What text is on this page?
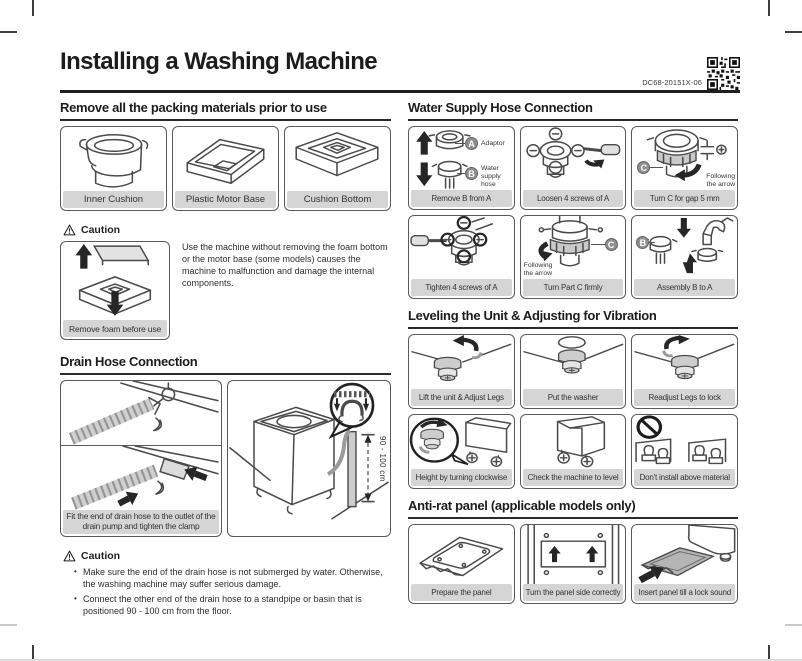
Installing a Washing Machine
DC68-20151X-06
Remove all the packing materials prior to use
Inner Cushion	Plastic Motor Base	Cushion Bottom
Caution
Remove foam before use

Use the machine without removing the foam bottom or the motor base (some models) causes the machine to malfunction and damage the internal components.

Drain Hose Connection
Fit the end of drain hose to the outlet of the drain pump and tighten the clamp
90 - 100 cm
Caution
• Make sure the end of the drain hose is not submerged by water. Otherwise, the washing machine may suffer serious damage.
• Connect the other end of the drain hose to a standpipe or basin that is positioned 90 - 100 cm from the floor.
Water Supply Hose Connection
A Adaptor
B Water supply hose
Remove B from A	Loosen 4 screws of A
C
Following the arrow
Turn C for gap 5 mm
Tighten 4 screws of A
C
Following the arrow
Turn Part C firmly
B
Assembly B to A
Leveling the Unit & Adjusting for Vibration
Lift the unit & Adjust Legs	Put the washer	Readjust Legs to lock
Height by turning clockwise	Check the machine to level	Don't install above material
Anti-rat panel (applicable models only)
Prepare the panel	Turn the panel side correctly	Insert panel till a lock sound
